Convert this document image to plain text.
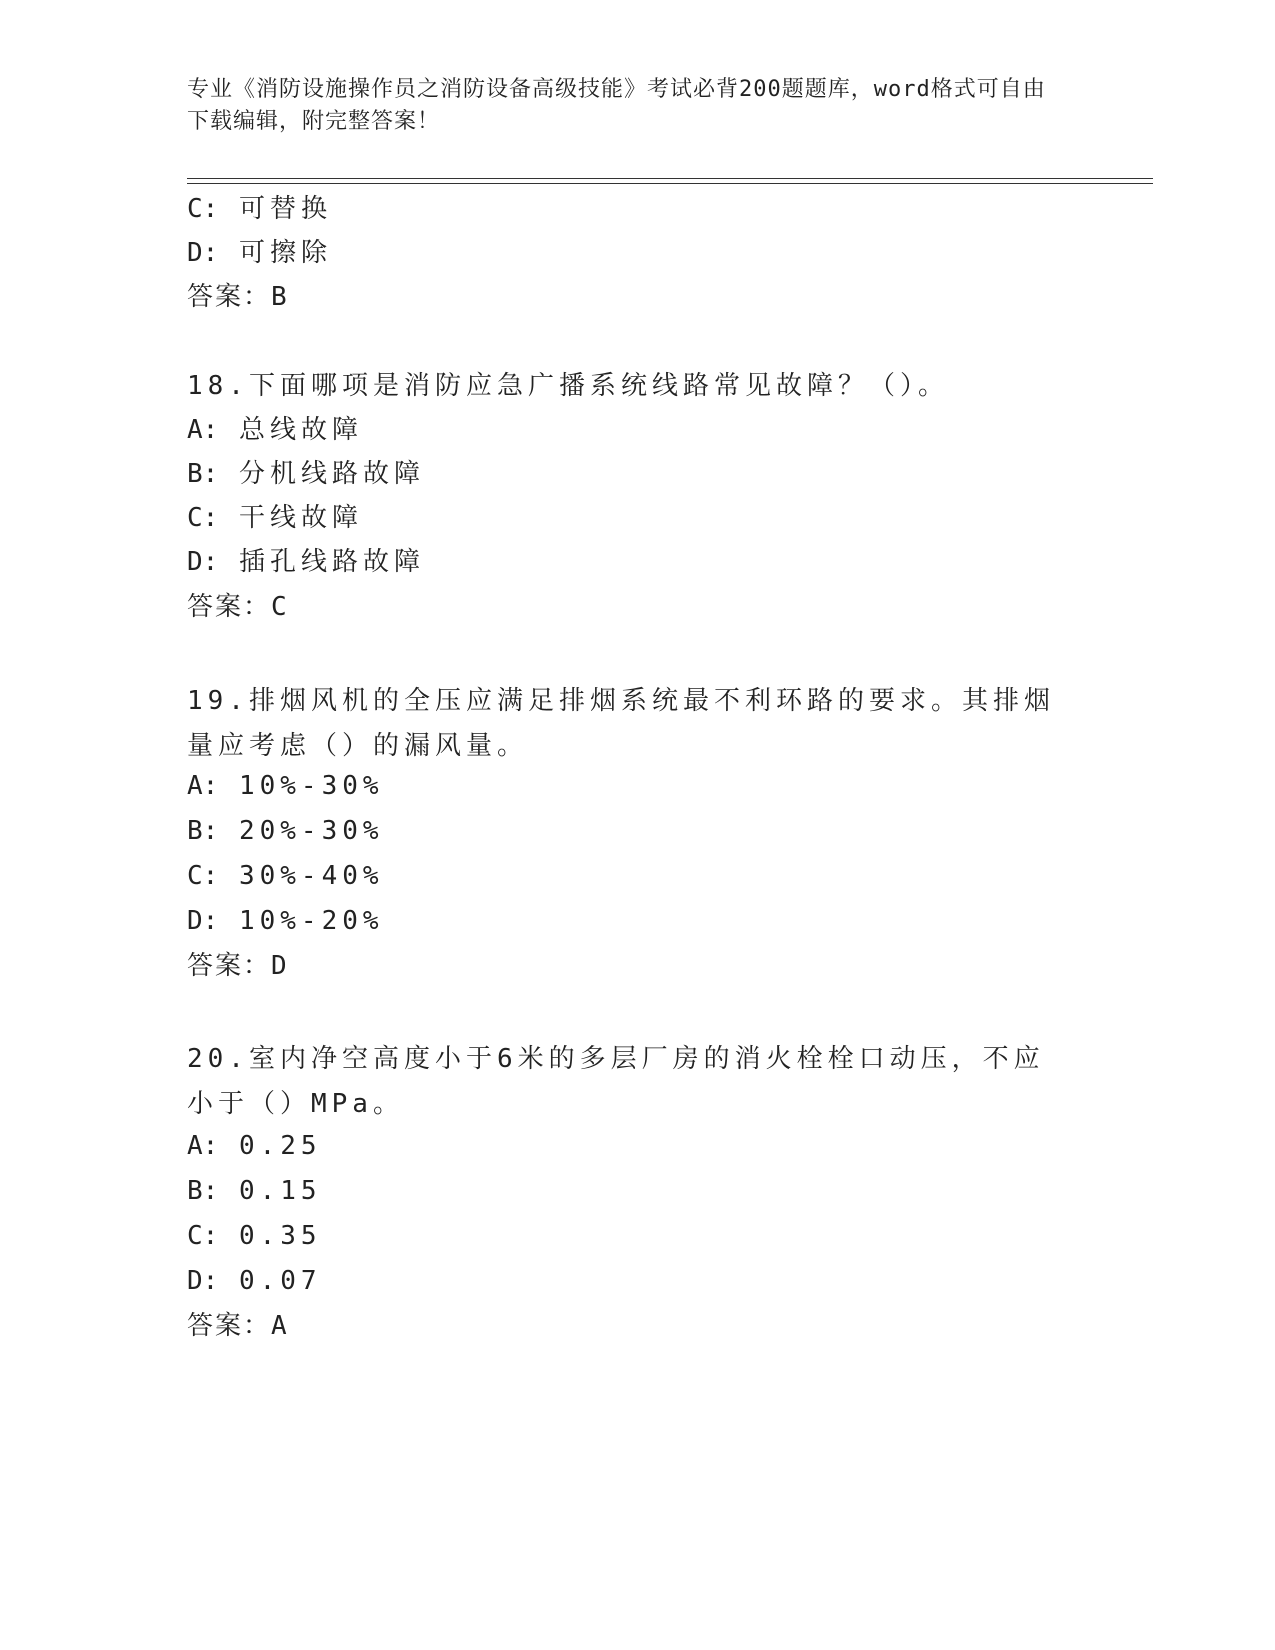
专业《消防设施操作员之消防设备高级技能》考试必背200题题库，word格式可自由下载编辑，附完整答案！
C: 可替换
D: 可擦除
答案：B
18.下面哪项是消防应急广播系统线路常见故障？（）。
A: 总线故障
B: 分机线路故障
C: 干线故障
D: 插孔线路故障
答案：C
19.排烟风机的全压应满足排烟系统最不利环路的要求。其排烟量应考虑（）的漏风量。
A: 10%-30%
B: 20%-30%
C: 30%-40%
D: 10%-20%
答案：D
20.室内净空高度小于6米的多层厂房的消火栓栓口动压，不应小于（）MPa。
A: 0.25
B: 0.15
C: 0.35
D: 0.07
答案：A
